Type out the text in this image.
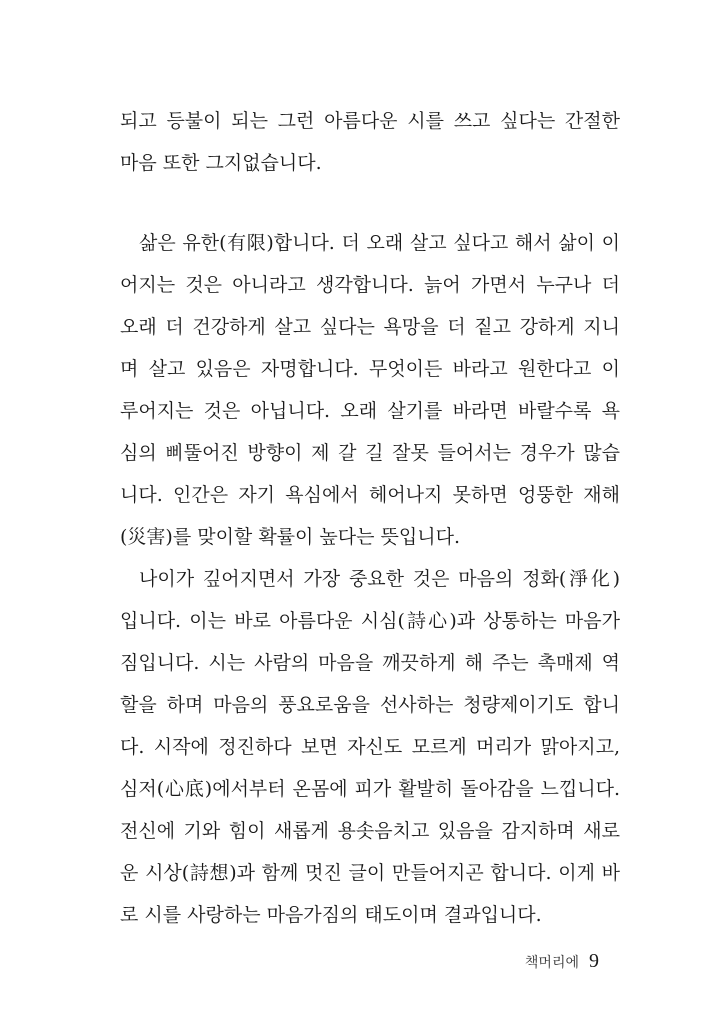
되고 등불이 되는 그런 아름다운 시를 쓰고 싶다는 간절한
마음 또한 그지없습니다.
삶은 유한(有限)합니다. 더 오래 살고 싶다고 해서 삶이 이
어지는 것은 아니라고 생각합니다. 늙어 가면서 누구나 더
오래 더 건강하게 살고 싶다는 욕망을 더 짙고 강하게 지니
며 살고 있음은 자명합니다. 무엇이든 바라고 원한다고 이
루어지는 것은 아닙니다. 오래 살기를 바라면 바랄수록 욕
심의 삐뚤어진 방향이 제 갈 길 잘못 들어서는 경우가 많습
니다. 인간은 자기 욕심에서 헤어나지 못하면 엉뚱한 재해
(災害)를 맞이할 확률이 높다는 뜻입니다.
나이가 깊어지면서 가장 중요한 것은 마음의 정화(淨化)
입니다. 이는 바로 아름다운 시심(詩心)과 상통하는 마음가
짐입니다. 시는 사람의 마음을 깨끗하게 해 주는 촉매제 역
할을 하며 마음의 풍요로움을 선사하는 청량제이기도 합니
다. 시작에 정진하다 보면 자신도 모르게 머리가 맑아지고,
심저(心底)에서부터 온몸에 피가 활발히 돌아감을 느낍니다.
전신에 기와 힘이 새롭게 용솟음치고 있음을 감지하며 새로
운 시상(詩想)과 함께 멋진 글이 만들어지곤 합니다. 이게 바
로 시를 사랑하는 마음가짐의 태도이며 결과입니다.
책머리에 9
